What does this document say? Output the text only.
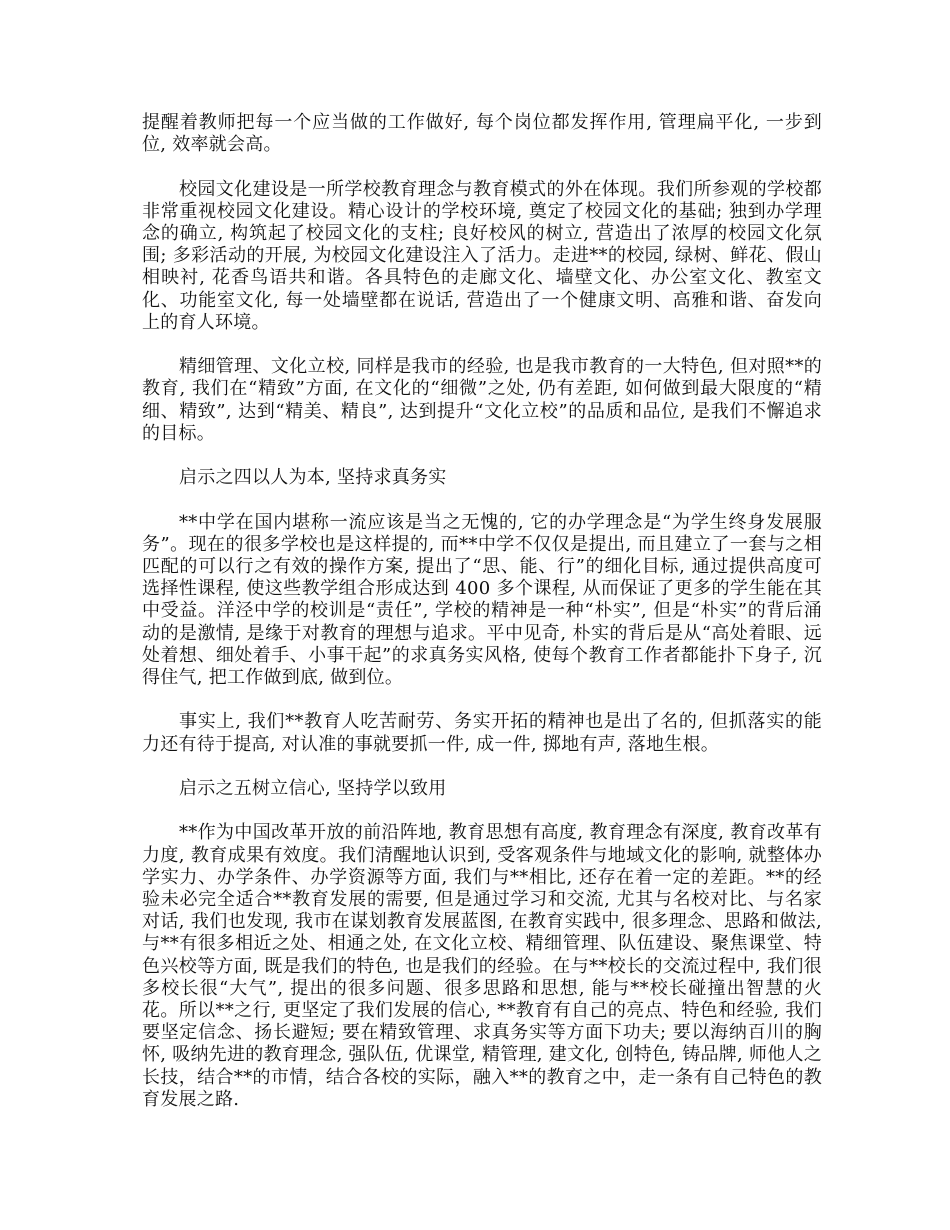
提醒着教师把每一个应当做的工作做好, 每个岗位都发挥作用, 管理扁平化, 一步到位, 效率就会高。

校园文化建设是一所学校教育理念与教育模式的外在体现。我们所参观的学校都非常重视校园文化建设。精心设计的学校环境, 奠定了校园文化的基础; 独到办学理念的确立, 构筑起了校园文化的支柱; 良好校风的树立, 营造出了浓厚的校园文化氛围; 多彩活动的开展, 为校园文化建设注入了活力。走进**的校园, 绿树、鲜花、假山相映衬, 花香鸟语共和谐。各具特色的走廊文化、墙壁文化、办公室文化、教室文化、功能室文化, 每一处墙壁都在说话, 营造出了一个健康文明、高雅和谐、奋发向上的育人环境。

精细管理、文化立校, 同样是我市的经验, 也是我市教育的一大特色, 但对照**的教育, 我们在“精致”方面, 在文化的“细微”之处, 仍有差距, 如何做到最大限度的“精细、精致”, 达到“精美、精良”, 达到提升“文化立校”的品质和品位, 是我们不懈追求的目标。

启示之四以人为本, 坚持求真务实

**中学在国内堪称一流应该是当之无愧的, 它的办学理念是“为学生终身发展服务”。现在的很多学校也是这样提的, 而**中学不仅仅是提出, 而且建立了一套与之相匹配的可以行之有效的操作方案, 提出了“思、能、行”的细化目标, 通过提供高度可选择性课程, 使这些教学组合形成达到 400 多个课程, 从而保证了更多的学生能在其中受益。洋泾中学的校训是“责任”, 学校的精神是一种“朴实”, 但是“朴实”的背后涌动的是激情, 是缘于对教育的理想与追求。平中见奇, 朴实的背后是从“高处着眼、远处着想、细处着手、小事干起”的求真务实风格, 使每个教育工作者都能扑下身子, 沉得住气, 把工作做到底, 做到位。

事实上, 我们**教育人吃苦耐劳、务实开拓的精神也是出了名的, 但抓落实的能力还有待于提高, 对认准的事就要抓一件, 成一件, 掷地有声, 落地生根。

启示之五树立信心, 坚持学以致用

**作为中国改革开放的前沿阵地, 教育思想有高度, 教育理念有深度, 教育改革有力度, 教育成果有效度。我们清醒地认识到, 受客观条件与地域文化的影响, 就整体办学实力、办学条件、办学资源等方面, 我们与**相比, 还存在着一定的差距。**的经验未必完全适合**教育发展的需要, 但是通过学习和交流, 尤其与名校对比、与名家对话, 我们也发现, 我市在谋划教育发展蓝图, 在教育实践中, 很多理念、思路和做法, 与**有很多相近之处、相通之处, 在文化立校、精细管理、队伍建设、聚焦课堂、特色兴校等方面, 既是我们的特色, 也是我们的经验。在与**校长的交流过程中, 我们很多校长很“大气”, 提出的很多问题、很多思路和思想, 能与**校长碰撞出智慧的火花。所以**之行, 更坚定了我们发展的信心, **教育有自己的亮点、特色和经验, 我们要坚定信念、扬长避短; 要在精致管理、求真务实等方面下功夫; 要以海纳百川的胸怀, 吸纳先进的教育理念, 强队伍, 优课堂, 精管理, 建文化, 创特色, 铸品牌, 师他人之长技，结合**的市情，结合各校的实际，融入**的教育之中，走一条有自己特色的教育发展之路.
